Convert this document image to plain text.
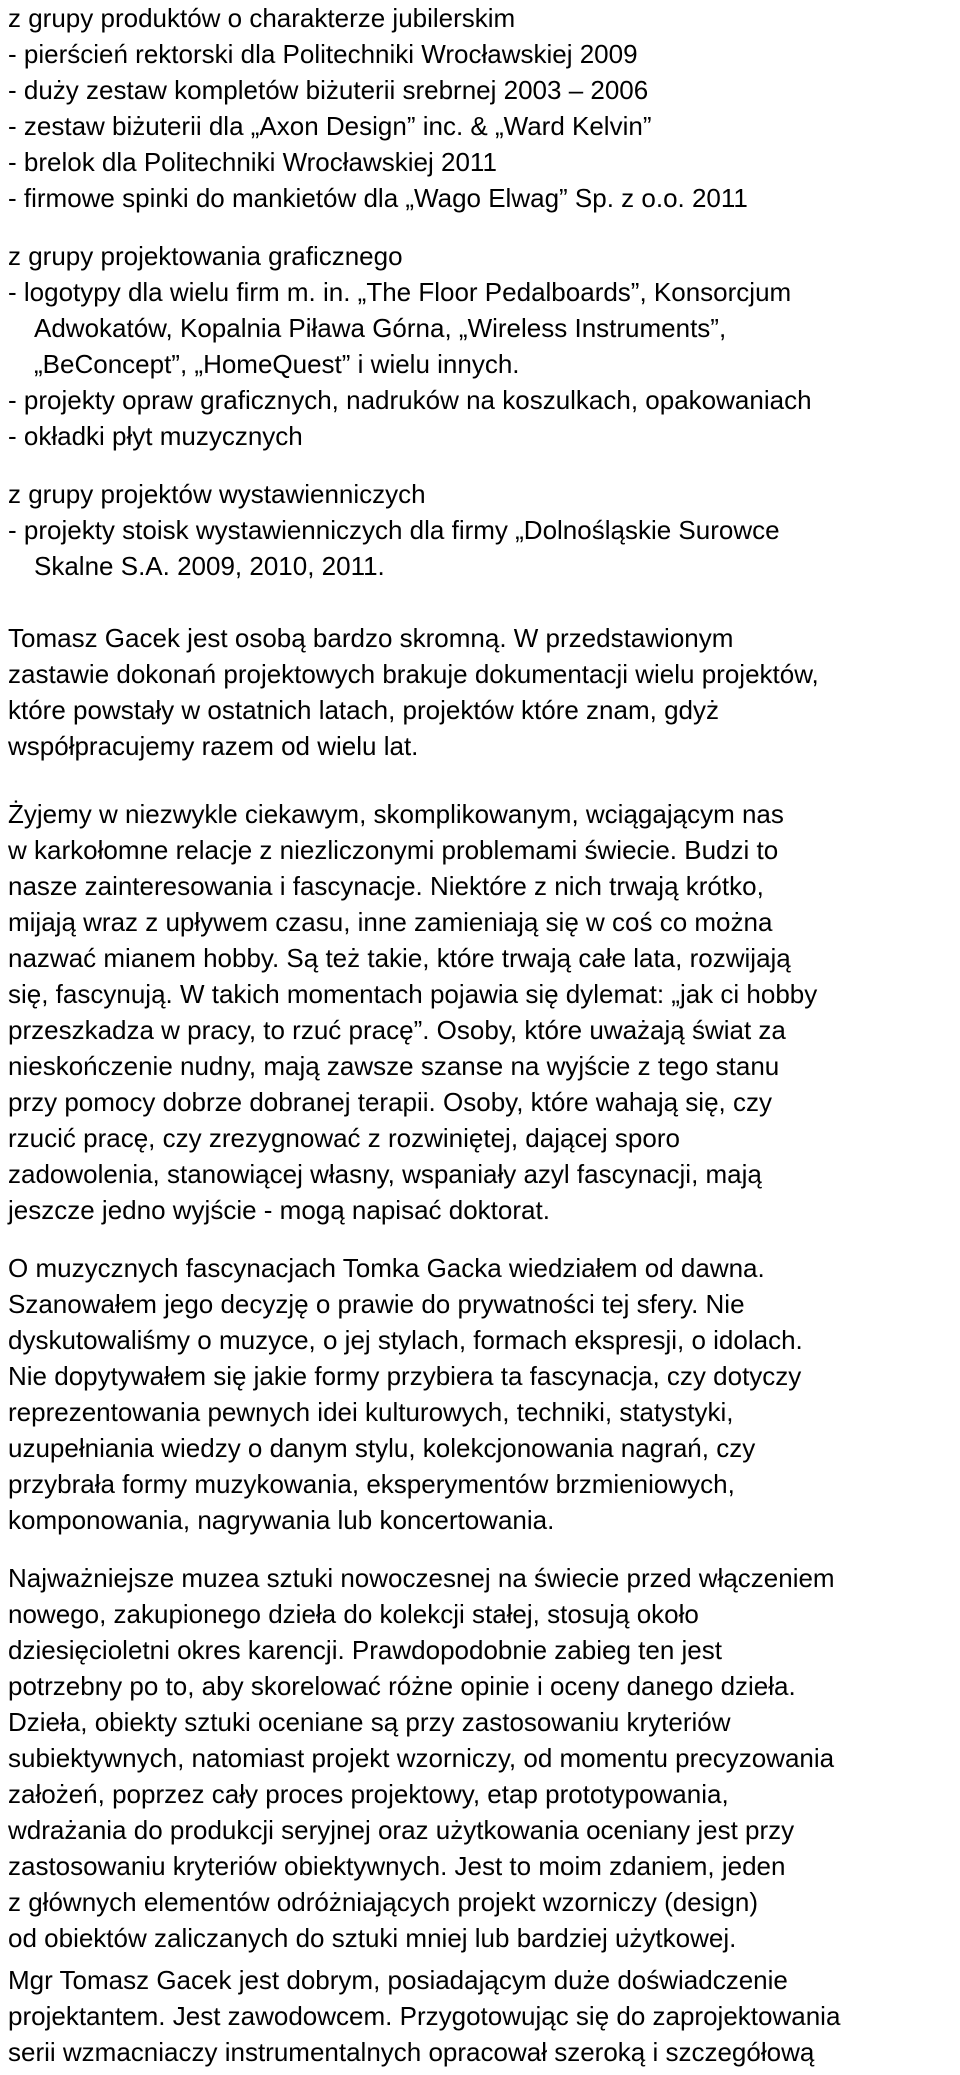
z grupy produktów o charakterze jubilerskim
- pierścień rektorski dla Politechniki Wrocławskiej 2009
- duży zestaw kompletów biżuterii srebrnej 2003 – 2006
- zestaw biżuterii dla „Axon Design” inc. & „Ward Kelvin”
- brelok dla Politechniki Wrocławskiej 2011
- firmowe spinki do mankietów dla „Wago Elwag” Sp. z o.o. 2011
z grupy projektowania graficznego
- logotypy dla wielu firm m. in. „The Floor Pedalboards”, Konsorcjum
Adwokatów, Kopalnia Piława Górna, „Wireless Instruments”,
„BeConcept”, „HomeQuest” i wielu innych.
- projekty opraw graficznych, nadruków na koszulkach, opakowaniach
- okładki płyt muzycznych
z grupy projektów wystawienniczych
- projekty stoisk wystawienniczych dla firmy „Dolnośląskie Surowce
Skalne S.A. 2009, 2010, 2011.
Tomasz Gacek jest osobą bardzo skromną. W przedstawionym
zastawie dokonań projektowych brakuje dokumentacji wielu projektów,
które powstały w ostatnich latach, projektów które znam, gdyż
współpracujemy razem od wielu lat.
Żyjemy w niezwykle ciekawym, skomplikowanym, wciągającym nas
w karkołomne relacje z niezliczonymi problemami świecie. Budzi to
nasze zainteresowania i fascynacje. Niektóre z nich trwają krótko,
mijają wraz z upływem czasu, inne zamieniają się w coś co można
nazwać mianem hobby. Są też takie, które trwają całe lata, rozwijają
się, fascynują. W takich momentach pojawia się dylemat: „jak ci hobby
przeszkadza w pracy, to rzuć pracę”. Osoby, które uważają świat za
nieskończenie nudny, mają zawsze szanse na wyjście z tego stanu
przy pomocy dobrze dobranej terapii. Osoby, które wahają się, czy
rzucić pracę, czy zrezygnować z rozwiniętej, dającej sporo
zadowolenia, stanowiącej własny, wspaniały azyl fascynacji, mają
jeszcze jedno wyjście - mogą napisać doktorat.
O muzycznych fascynacjach Tomka Gacka wiedziałem od dawna.
Szanowałem jego decyzję o prawie do prywatności tej sfery. Nie
dyskutowaliśmy o muzyce, o jej stylach, formach ekspresji, o idolach.
Nie dopytywałem się jakie formy przybiera ta fascynacja, czy dotyczy
reprezentowania pewnych idei kulturowych, techniki, statystyki,
uzupełniania wiedzy o danym stylu, kolekcjonowania nagrań, czy
przybrała formy muzykowania, eksperymentów brzmieniowych,
komponowania, nagrywania lub koncertowania.
Najważniejsze muzea sztuki nowoczesnej na świecie przed włączeniem
nowego, zakupionego dzieła do kolekcji stałej, stosują około
dziesięcioletni okres karencji. Prawdopodobnie zabieg ten jest
potrzebny po to, aby skorelować różne opinie i oceny danego dzieła.
Dzieła, obiekty sztuki oceniane są przy zastosowaniu kryteriów
subiektywnych, natomiast projekt wzorniczy, od momentu precyzowania
założeń, poprzez cały proces projektowy, etap prototypowania,
wdrażania do produkcji seryjnej oraz użytkowania oceniany jest przy
zastosowaniu kryteriów obiektywnych. Jest to moim zdaniem, jeden
z głównych elementów odróżniających projekt wzorniczy (design)
od obiektów zaliczanych do sztuki mniej lub bardziej użytkowej.
Mgr Tomasz Gacek jest dobrym, posiadającym duże doświadczenie
projektantem. Jest zawodowcem. Przygotowując się do zaprojektowania
serii wzmacniaczy instrumentalnych opracował szeroką i szczegółową
